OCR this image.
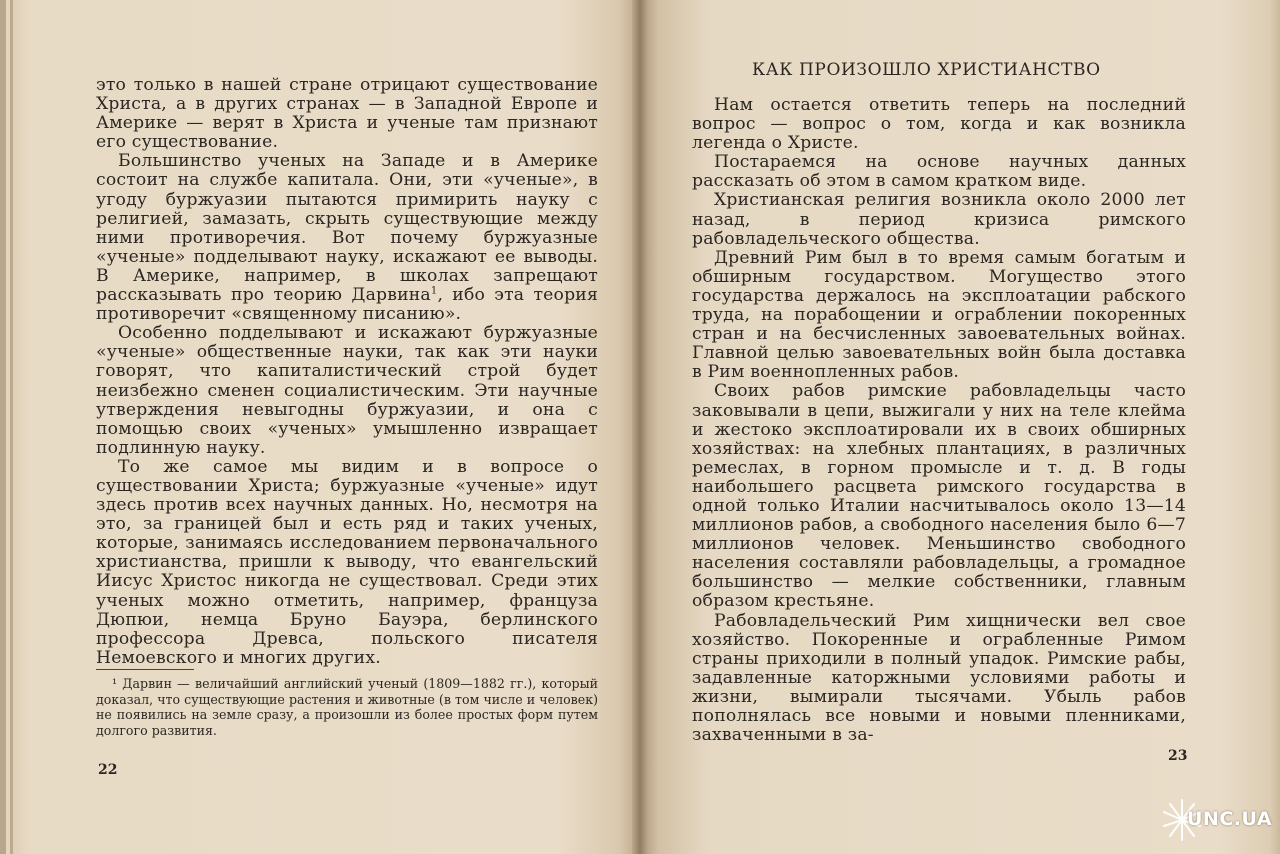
это только в нашей стране отрицают существование Христа, а в других странах — в Западной Европе и Америке — верят в Христа и ученые там признают его существование.

Большинство ученых на Западе и в Америке состоит на службе капитала. Они, эти «ученые», в угоду буржуазии пытаются примирить науку с религией, замазать, скрыть существующие между ними противоречия. Вот почему буржуазные «ученые» подделывают науку, искажают ее выводы. В Америке, например, в школах запрещают рассказывать про теорию Дарвина$^1$, ибо эта теория противоречит «священному писанию».

Особенно подделывают и искажают буржуазные «ученые» общественные науки, так как эти науки говорят, что капиталистический строй будет неизбежно сменен социалистическим. Эти научные утверждения невыгодны буржуазии, и она с помощью своих «ученых» умышленно извращает подлинную науку.

То же самое мы видим и в вопросе о существовании Христа; буржуазные «ученые» идут здесь против всех научных данных. Но, несмотря на это, за границей был и есть ряд и таких ученых, которые, занимаясь исследованием первоначального христианства, пришли к выводу, что евангельский Иисус Христос никогда не существовал. Среди этих ученых можно отметить, например, француза Дюпюи, немца Бруно Бауэра, берлинского профессора Древса, польского писателя Немоевского и многих других.

¹ Дарвин — величайший английский ученый (1809—1882 гг.), который доказал, что существующие растения и животные (в том числе и человек) не появились на земле сразу, а произошли из более простых форм путем долгого развития.

22
КАК ПРОИЗОШЛО ХРИСТИАНСТВО

Нам остается ответить теперь на последний вопрос — вопрос о том, когда и как возникла легенда о Христе.

Постараемся на основе научных данных рассказать об этом в самом кратком виде.

Христианская религия возникла около 2000 лет назад, в период кризиса римского рабовладельческого общества.

Древний Рим был в то время самым богатым и обширным государством. Могущество этого государства держалось на эксплоатации рабского труда, на порабощении и ограблении покоренных стран и на бесчисленных завоевательных войнах. Главной целью завоевательных войн была доставка в Рим военнопленных рабов.

Своих рабов римские рабовладельцы часто заковывали в цепи, выжигали у них на теле клейма и жестоко эксплоатировали их в своих обширных хозяйствах: на хлебных плантациях, в различных ремеслах, в горном промысле и т. д. В годы наибольшего расцвета римского государства в одной только Италии насчитывалось около 13—14 миллионов рабов, а свободного населения было 6—7 миллионов человек. Меньшинство свободного населения составляли рабовладельцы, а громадное большинство — мелкие собственники, главным образом крестьяне.

Рабовладельческий Рим хищнически вел свое хозяйство. Покоренные и ограбленные Римом страны приходили в полный упадок. Римские рабы, задавленные каторжными условиями работы и жизни, вымирали тысячами. Убыль рабов пополнялась все новыми и новыми пленниками, захваченными в за-

23
UNC.UA
